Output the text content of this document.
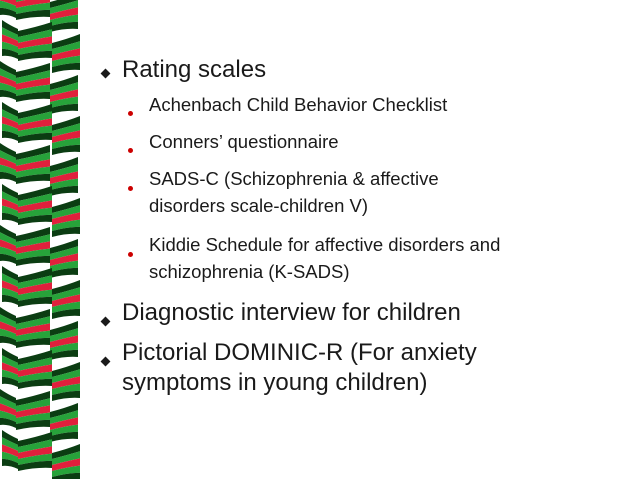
Rating scales
Achenbach Child Behavior Checklist
Conners’ questionnaire
SADS-C (Schizophrenia & affective
disorders scale-children V)
Kiddie Schedule for affective disorders and
schizophrenia (K-SADS)
Diagnostic interview for children
Pictorial DOMINIC-R (For anxiety
symptoms in young children)
